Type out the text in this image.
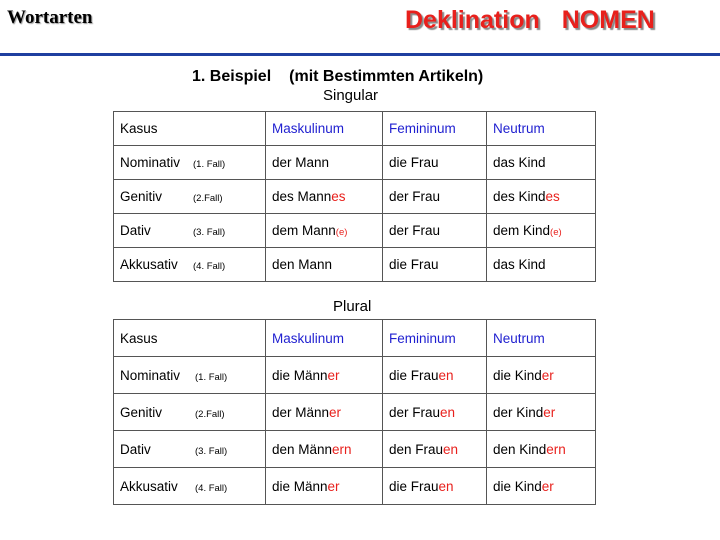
Wortarten	Deklination NOMEN
1. Beispiel (mit Bestimmten Artikeln)
Singular
Kasus	Maskulinum	Femininum	Neutrum
Nominativ (1. Fall)	der Mann	die Frau	das Kind
Genitiv (2.Fall)	des Mannes	der Frau	des Kindes
Dativ (3. Fall)	dem Mann(e)	der Frau	dem Kind(e)
Akkusativ (4. Fall)	den Mann	die Frau	das Kind
Plural
Kasus	Maskulinum	Femininum	Neutrum
Nominativ (1. Fall)	die Männer	die Frauen	die Kinder
Genitiv (2.Fall)	der Männer	der Frauen	der Kinder
Dativ (3. Fall)	den Männern	den Frauen	den Kindern
Akkusativ (4. Fall)	die Männer	die Frauen	die Kinder
